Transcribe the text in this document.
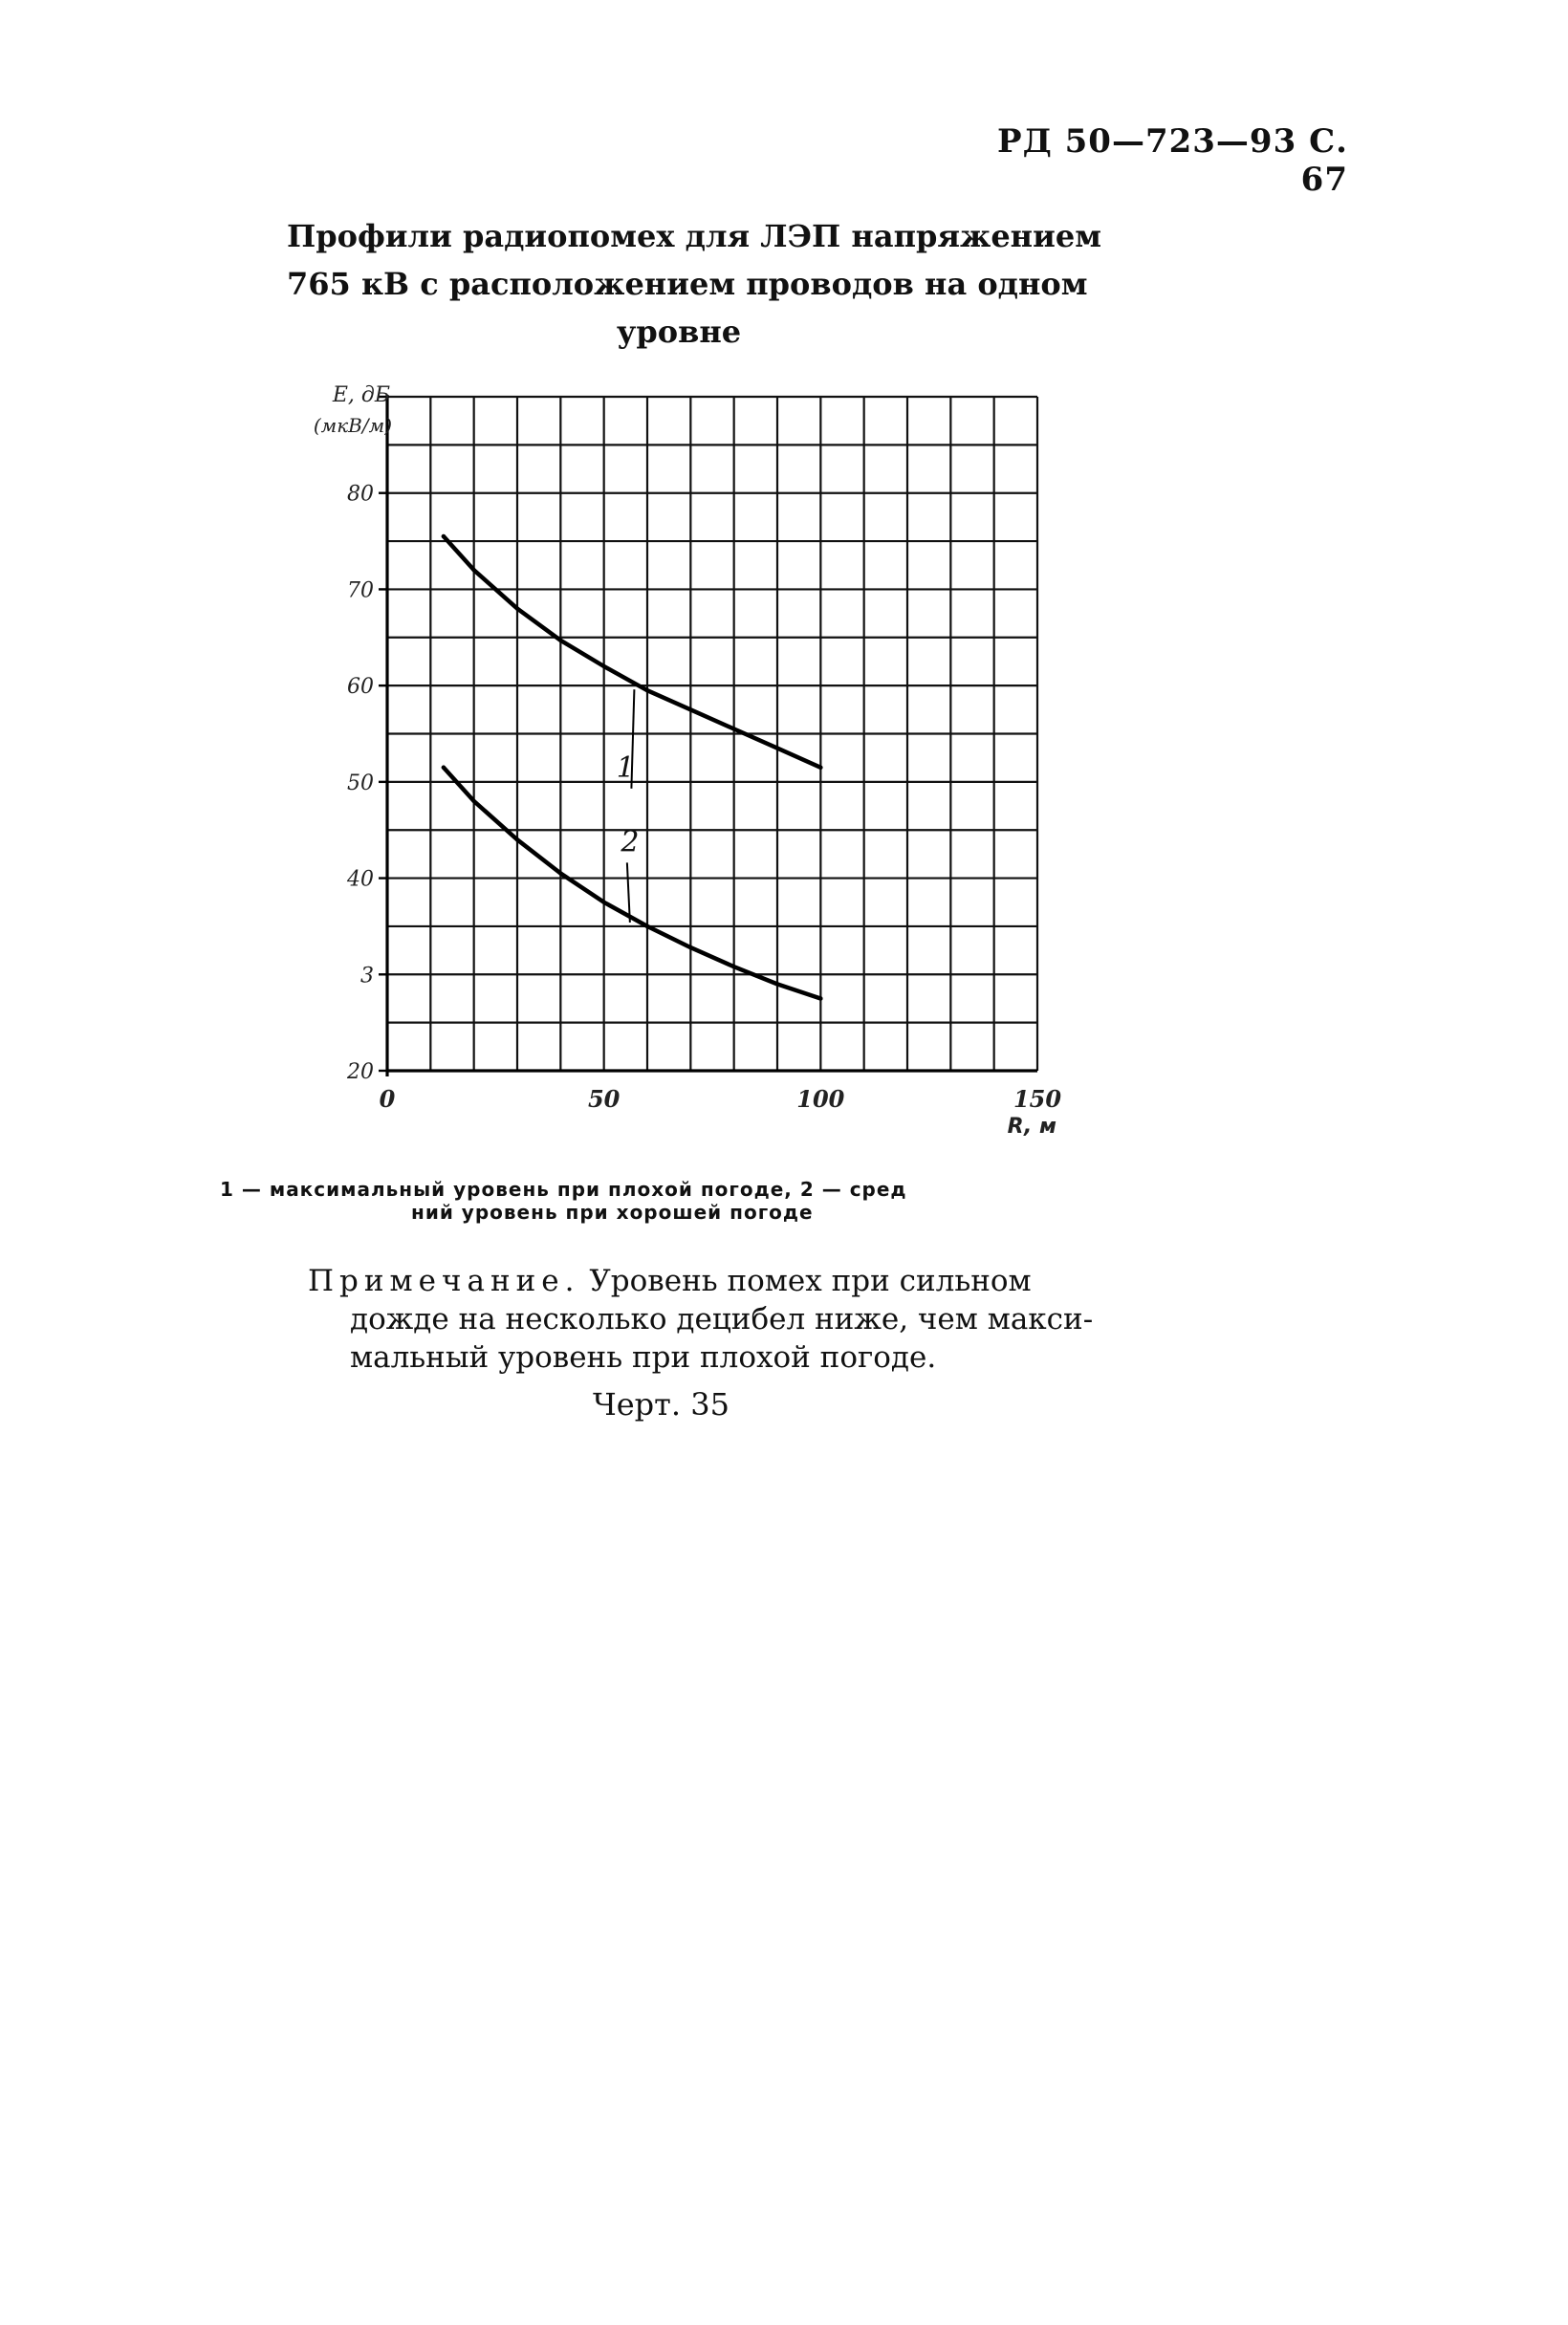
РД 50—723—93 С. 67
Профили радиопомех для ЛЭП напряжением
765 кВ с расположением проводов на одном
уровне
20
3
40
50
60
70
80
0	50	100	150
1
2
E, дБ
(мкВ/м)
R, м
1 — максимальный уровень при плохой погоде, 2 — сред
ний уровень при хорошей погоде
Примечание. Уровень помех при сильном
дожде на несколько децибел ниже, чем макси-
мальный уровень при плохой погоде.
Черт. 35
